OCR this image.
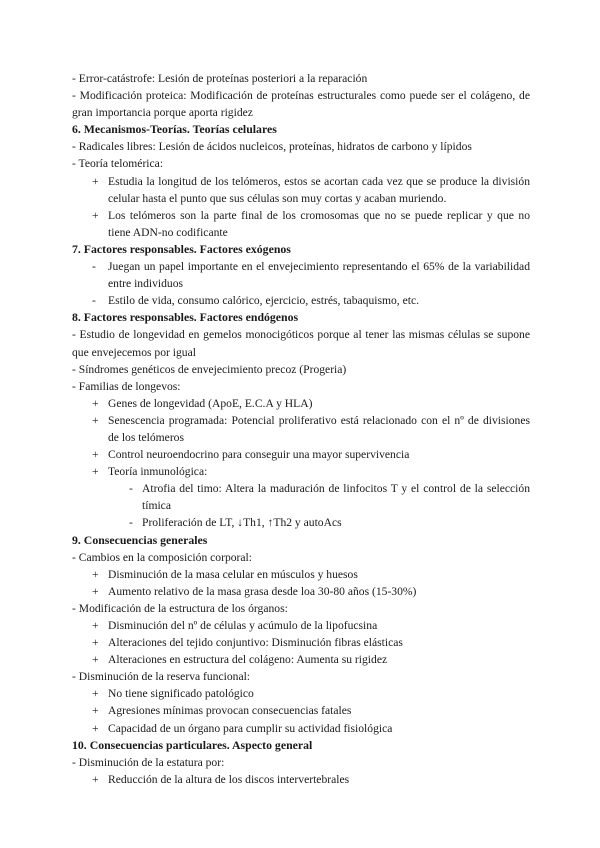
- Error-catástrofe: Lesión de proteínas posteriori a la reparación
- Modificación proteica: Modificación de proteínas estructurales como puede ser el colágeno, de gran importancia porque aporta rigidez
6. Mecanismos-Teorías. Teorías celulares
- Radicales libres: Lesión de ácidos nucleicos, proteínas, hidratos de carbono y lípidos
- Teoría telomérica:
+ Estudia la longitud de los telómeros, estos se acortan cada vez que se produce la división celular hasta el punto que sus células son muy cortas y acaban muriendo.
+ Los telómeros son la parte final de los cromosomas que no se puede replicar y que no tiene ADN-no codificante
7. Factores responsables. Factores exógenos
- Juegan un papel importante en el envejecimiento representando el 65% de la variabilidad entre individuos
- Estilo de vida, consumo calórico, ejercicio, estrés, tabaquismo, etc.
8. Factores responsables. Factores endógenos
- Estudio de longevidad en gemelos monocigóticos porque al tener las mismas células se supone que envejecemos por igual
- Síndromes genéticos de envejecimiento precoz (Progeria)
- Familias de longevos:
+ Genes de longevidad (ApoE, E.C.A y HLA)
+ Senescencia programada: Potencial proliferativo está relacionado con el nº de divisiones de los telómeros
+ Control neuroendocrino para conseguir una mayor supervivencia
+ Teoría inmunológica:
- Atrofia del timo: Altera la maduración de linfocitos T y el control de la selección tímica
- Proliferación de LT, ↓Th1, ↑Th2 y autoAcs
9. Consecuencias generales
- Cambios en la composición corporal:
+ Disminución de la masa celular en músculos y huesos
+ Aumento relativo de la masa grasa desde loa 30-80 años (15-30%)
- Modificación de la estructura de los órganos:
+ Disminución del nº de células y acúmulo de la lipofucsina
+ Alteraciones del tejido conjuntivo: Disminución fibras elásticas
+ Alteraciones en estructura del colágeno: Aumenta su rigidez
- Disminución de la reserva funcional:
+ No tiene significado patológico
+ Agresiones mínimas provocan consecuencias fatales
+ Capacidad de un órgano para cumplir su actividad fisiológica
10. Consecuencias particulares. Aspecto general
- Disminución de la estatura por:
+ Reducción de la altura de los discos intervertebrales
